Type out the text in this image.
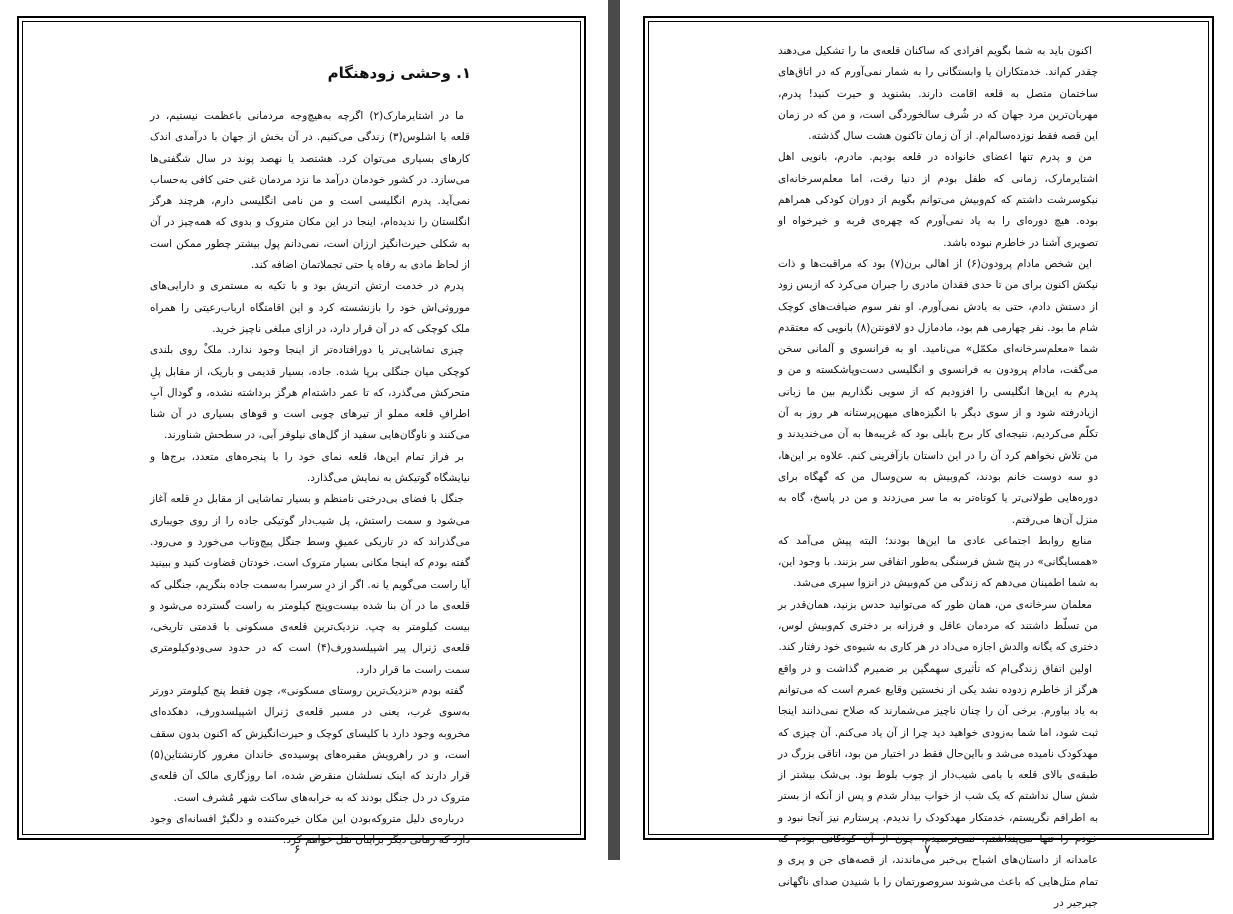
۱. وحشی زودهنگام

ما در اشتایرمارک(۲) اگرچه به‌هیچ‌وجه مردمانی باعظمت نیستیم، در قلعه یا اشلوس(۳) زندگی می‌کنیم. در آن بخش از جهان با درآمدی اندک کارهای بسیاری می‌توان کرد. هشتصد یا نهصد پوند در سال شگفتی‌ها می‌سازد. در کشور خودمان درآمد ما نزد مردمان غنی حتی کافی به‌حساب نمی‌آید. پدرم انگلیسی است و من نامی انگلیسی دارم، هرچند هرگز انگلستان را ندیده‌ام، اینجا در این مکان متروک و بدوی که همه‌چیز در آن به شکلی حیرت‌انگیز ارزان است، نمی‌دانم پول بیشتر چطور ممکن است از لحاظ مادی به رفاه یا حتی تجملاتمان اضافه کند.

پدرم در خدمت ارتش اتریش بود و با تکیه به مستمری و دارایی‌های موروثی‌اش خود را بازنشسته کرد و این اقامتگاه ارباب‌رعیتی را همراه ملک کوچکی که در آن قرار دارد، در ازای مبلغی ناچیز خرید.

چیزی تماشایی‌تر یا دورافتاده‌تر از اینجا وجود ندارد. ملکْ روی بلندی کوچکی میان جنگلی برپا شده. جاده، بسیار قدیمی و باریک، از مقابل پلِ متحرکش می‌گذرد، که تا عمر داشته‌ام هرگز برداشته نشده، و گودال آبِ اطرافِ قلعه مملو از تیرهای چوبی است و قوهای بسیاری در آن شنا می‌کنند و ناوگان‌هایی سفید از گل‌های نیلوفر آبی، در سطحش شناورند.

بر فراز تمام این‌ها، قلعه نمای خود را با پنجره‌های متعدد، برج‌ها و نیایشگاه گوتیکش به نمایش می‌گذارد.

جنگل با فضای بی‌درختی نامنظم و بسیار تماشایی از مقابل درِ قلعه آغاز می‌شود و سمت راستش، پل شیب‌دار گوتیکی جاده را از روی جویباری می‌گذراند که در تاریکی عمیقِ وسط جنگل پیچ‌وتاب می‌خورد و می‌رود. گفته بودم که اینجا مکانی بسیار متروک است. خودتان قضاوت کنید و ببینید آیا راست می‌گویم یا نه. اگر از درِ سرسرا به‌سمت جاده بنگریم، جنگلی که قلعه‌ی ما در آن بنا شده بیست‌وپنج کیلومتر به راست گسترده می‌شود و بیست کیلومتر به چپ. نزدیک‌ترین قلعه‌ی مسکونی با قدمتی تاریخی، قلعه‌ی ژنرال پیر اشپیلسدورف(۴) است که در حدود سی‌ودوکیلومتری سمت راست ما قرار دارد.

گفته بودم «نزدیک‌ترین روستای مسکونی»، چون فقط پنج کیلومتر دورتر به‌سوی غرب، یعنی در مسیر قلعه‌ی ژنرال اشپیلسدورف، دهکده‌ای مخروبه وجود دارد با کلیسای کوچک و حیرت‌انگیزش که اکنون بدون سقف است، و در راهرویش مقبره‌های پوسیده‌ی خاندان مغرور کارنشتاین(۵) قرار دارند که اینک نسلشان منقرض شده، اما روزگاری مالک آن قلعه‌ی متروک در دل جنگل بودند که به خرابه‌های ساکت شهر مُشرف است.

درباره‌ی دلیل متروکه‌بودن این مکان خیره‌کننده و دلگیرْ افسانه‌ای وجود دارد که زمانی دیگر برایتان نقل خواهم کرد.

اکنون باید به شما بگویم افرادی که ساکنان قلعه‌ی ما را تشکیل می‌دهند چقدر کم‌اند. خدمتکاران یا وابستگانی را به شمار نمی‌آورم که در اتاق‌های ساختمان متصل به قلعه اقامت دارند. بشنوید و حیرت کنید! پدرم، مهربان‌ترین مرد جهان که در شُرف سالخوردگی است، و من که در زمان این قصه فقط نوزده‌سالم‌ام. از آن زمان تاکنون هشت سال گذشته.

من و پدرم تنها اعضای خانواده در قلعه بودیم. مادرم، بانویی اهل اشتایرمارک، زمانی که طفل بودم از دنیا رفت، اما معلم‌سرخانه‌ای نیکوسرشت داشتم که کم‌وبیش می‌توانم بگویم از دوران کودکی همراهم بوده. هیچ دوره‌ای را به یاد نمی‌آورم که چهره‌ی فربه و خیرخواه او تصویری آشنا در خاطرم نبوده باشد.

این شخص مادام پرودون(۶) از اهالی برن(۷) بود که مراقبت‌ها و ذات نیکش اکنون برای من تا حدی فقدان مادری را جبران می‌کرد که ازبس زود از دستش دادم، حتی به یادش نمی‌آورم. او نفر سوم ضیافت‌های کوچک شام ما بود. نفر چهارمی هم بود، مادمازل دو لافونتن(۸) بانویی که معتقدم شما «معلم‌سرخانه‌ای مکمّل» می‌نامید. او به فرانسوی و آلمانی سخن می‌گفت، مادام پرودون به فرانسوی و انگلیسی دست‌وپاشکسته و من و پدرم به این‌ها انگلیسی را افزودیم که از سویی نگذاریم بین ما زبانی ازیادرفته شود و از سوی دیگر با انگیزه‌های میهن‌پرستانه هر روز به آن تکلّم می‌کردیم. نتیجه‌ای کار برج بابلی بود که غریبه‌ها به آن می‌خندیدند و من تلاش نخواهم کرد آن را در این داستان بازآفرینی کنم. علاوه بر این‌ها، دو سه دوست خانم بودند، کم‌وبیش به سن‌وسال من که گهگاه برای دوره‌هایی طولانی‌تر یا کوتاه‌تر به ما سر می‌زدند و من در پاسخ، گاه به منزل آن‌ها می‌رفتم.

منابع روابط اجتماعی عادی ما این‌ها بودند؛ البته پیش می‌آمد که «همسایگانی» در پنج شش فرسنگی به‌طور اتفاقی سر بزنند. با وجود این، به شما اطمینان می‌دهم که زندگی من کم‌وبیش در انزوا سپری می‌شد.

معلمان سرخانه‌ی من، همان طور که می‌توانید حدس بزنید، همان‌قدر بر من تسلّط داشتند که مردمان عاقل و فرزانه بر دختری کم‌وبیش لوس، دختری که یگانه والدش اجازه می‌داد در هر کاری به شیوه‌ی خود رفتار کند.

اولین اتفاق زندگی‌ام که تأثیری سهمگین بر ضمیرم گذاشت و در واقع هرگز از خاطرم زدوده نشد یکی از نخستین وقایع عمرم است که می‌توانم به یاد بیاورم. برخی آن را چنان ناچیز می‌شمارند که صلاح نمی‌دانند اینجا ثبت شود، اما شما به‌زودی خواهید دید چرا از آن یاد می‌کنم. آن چیزی که مهدکودک نامیده می‌شد و بااین‌حال فقط در اختیار من بود، اتاقی بزرگ در طبقه‌ی بالای قلعه با بامی شیب‌دار از چوب بلوط بود. بی‌شک بیشتر از شش سال نداشتم که یک شب از خواب بیدار شدم و پس از آنکه از بستر به اطرافم نگریستم، خدمتکار مهدکودک را ندیدم. پرستارم نیز آنجا نبود و خودم را تنها می‌پنداشتم. نمی‌ترسیدم، چون از آن کودکانی بودم که عامدانه از داستان‌های اشباح بی‌خبر می‌ماندند، از قصه‌های جن و پری و تمام متل‌هایی که باعث می‌شوند سروصورتمان را با شنیدن صدای ناگهانی جیرجیر در

۶	۷
